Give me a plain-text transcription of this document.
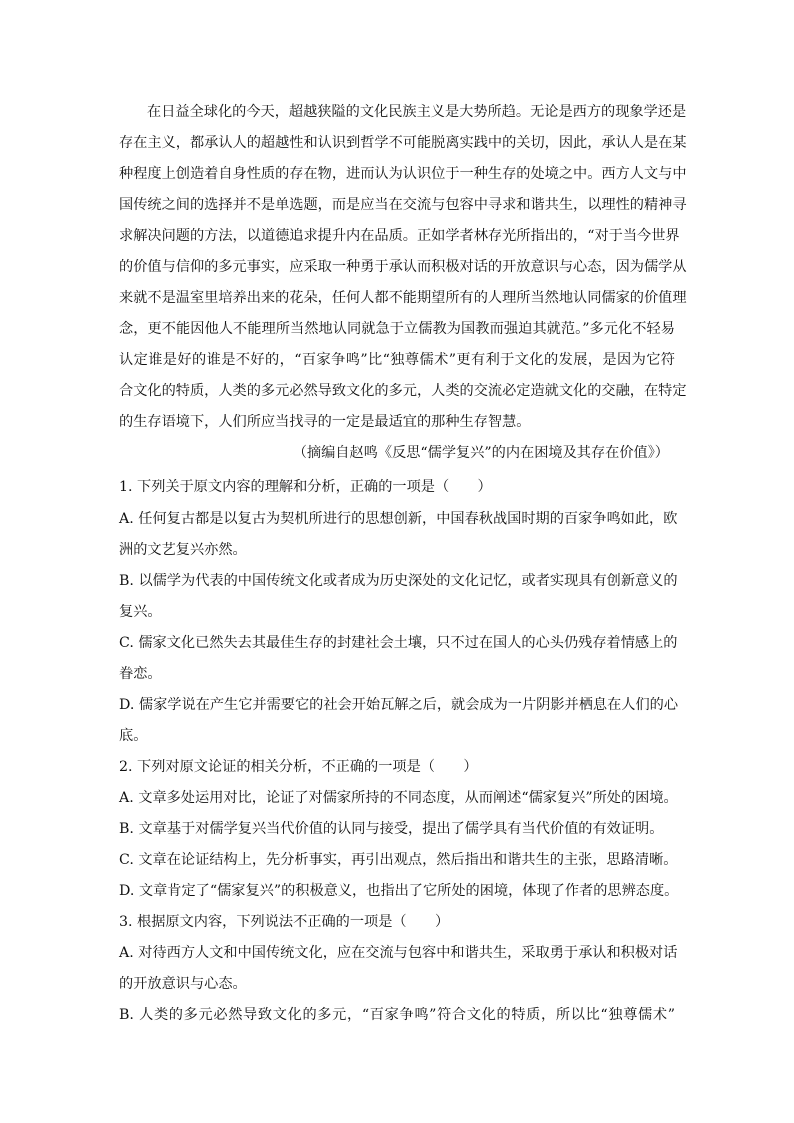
在日益全球化的今天，超越狭隘的文化民族主义是大势所趋。无论是西方的现象学还是
存在主义，都承认人的超越性和认识到哲学不可能脱离实践中的关切，因此，承认人是在某
种程度上创造着自身性质的存在物，进而认为认识位于一种生存的处境之中。西方人文与中
国传统之间的选择并不是单选题，而是应当在交流与包容中寻求和谐共生，以理性的精神寻
求解决问题的方法，以道德追求提升内在品质。正如学者林存光所指出的，“对于当今世界
的价值与信仰的多元事实，应采取一种勇于承认而积极对话的开放意识与心态，因为儒学从
来就不是温室里培养出来的花朵，任何人都不能期望所有的人理所当然地认同儒家的价值理
念，更不能因他人不能理所当然地认同就急于立儒教为国教而强迫其就范。”多元化不轻易
认定谁是好的谁是不好的，“百家争鸣”比“独尊儒术”更有利于文化的发展，是因为它符
合文化的特质，人类的多元必然导致文化的多元，人类的交流必定造就文化的交融，在特定
的生存语境下，人们所应当找寻的一定是最适宜的那种生存智慧。
（摘编自赵鸣《反思“儒学复兴”的内在困境及其存在价值》）
1. 下列关于原文内容的理解和分析，正确的一项是（　　）
A. 任何复古都是以复古为契机所进行的思想创新，中国春秋战国时期的百家争鸣如此，欧
洲的文艺复兴亦然。
B. 以儒学为代表的中国传统文化或者成为历史深处的文化记忆，或者实现具有创新意义的
复兴。
C. 儒家文化已然失去其最佳生存的封建社会土壤，只不过在国人的心头仍残存着情感上的
眷恋。
D. 儒家学说在产生它并需要它的社会开始瓦解之后，就会成为一片阴影并栖息在人们的心
底。
2. 下列对原文论证的相关分析，不正确的一项是（　　）
A. 文章多处运用对比，论证了对儒家所持的不同态度，从而阐述“儒家复兴”所处的困境。
B. 文章基于对儒学复兴当代价值的认同与接受，提出了儒学具有当代价值的有效证明。
C. 文章在论证结构上，先分析事实，再引出观点，然后指出和谐共生的主张，思路清晰。
D. 文章肯定了“儒家复兴”的积极意义，也指出了它所处的困境，体现了作者的思辨态度。
3. 根据原文内容，下列说法不正确的一项是（　　）
A. 对待西方人文和中国传统文化，应在交流与包容中和谐共生，采取勇于承认和积极对话
的开放意识与心态。
B. 人类的多元必然导致文化的多元，“百家争鸣”符合文化的特质，所以比“独尊儒术”
